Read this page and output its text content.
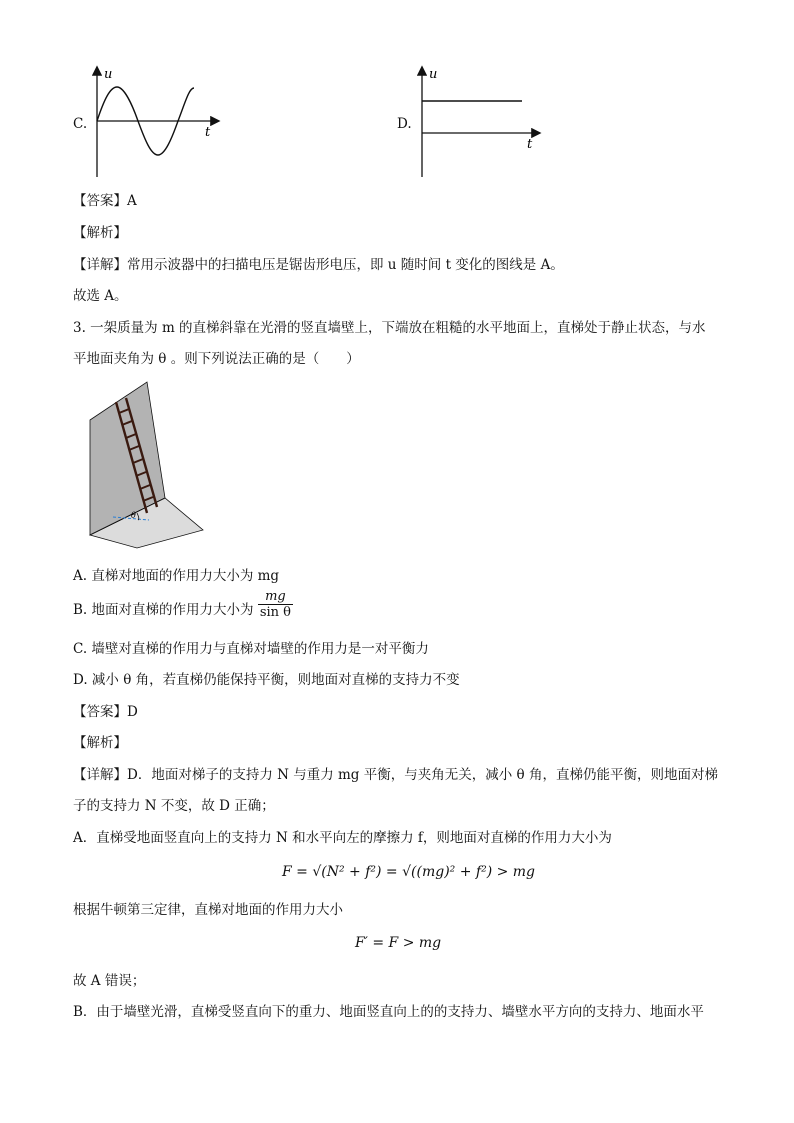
C.
u
t
D.
u
t
【答案】A
【解析】
【详解】常用示波器中的扫描电压是锯齿形电压，即 u 随时间 t 变化的图线是 A。
故选 A。
3. 一架质量为 m 的直梯斜靠在光滑的竖直墙壁上，下端放在粗糙的水平地面上，直梯处于静止状态，与水
平地面夹角为 θ 。则下列说法正确的是（　　）
θ
A. 直梯对地面的作用力大小为 mg
B. 地面对直梯的作用力大小为 $\frac{mg}{\text{sin θ}}$
C. 墙壁对直梯的作用力与直梯对墙壁的作用力是一对平衡力
D. 减小 θ 角，若直梯仍能保持平衡，则地面对直梯的支持力不变
【答案】D
【解析】
【详解】D．地面对梯子的支持力 N 与重力 mg 平衡，与夹角无关，减小 θ 角，直梯仍能平衡，则地面对梯
子的支持力 N 不变，故 D 正确；
A．直梯受地面竖直向上的支持力 N 和水平向左的摩擦力 f，则地面对直梯的作用力大小为
F = √(N² + f²) = √((mg)² + f²) > mg
根据牛顿第三定律，直梯对地面的作用力大小
F′ = F > mg
故 A 错误；
B．由于墙壁光滑，直梯受竖直向下的重力、地面竖直向上的的支持力、墙壁水平方向的支持力、地面水平
